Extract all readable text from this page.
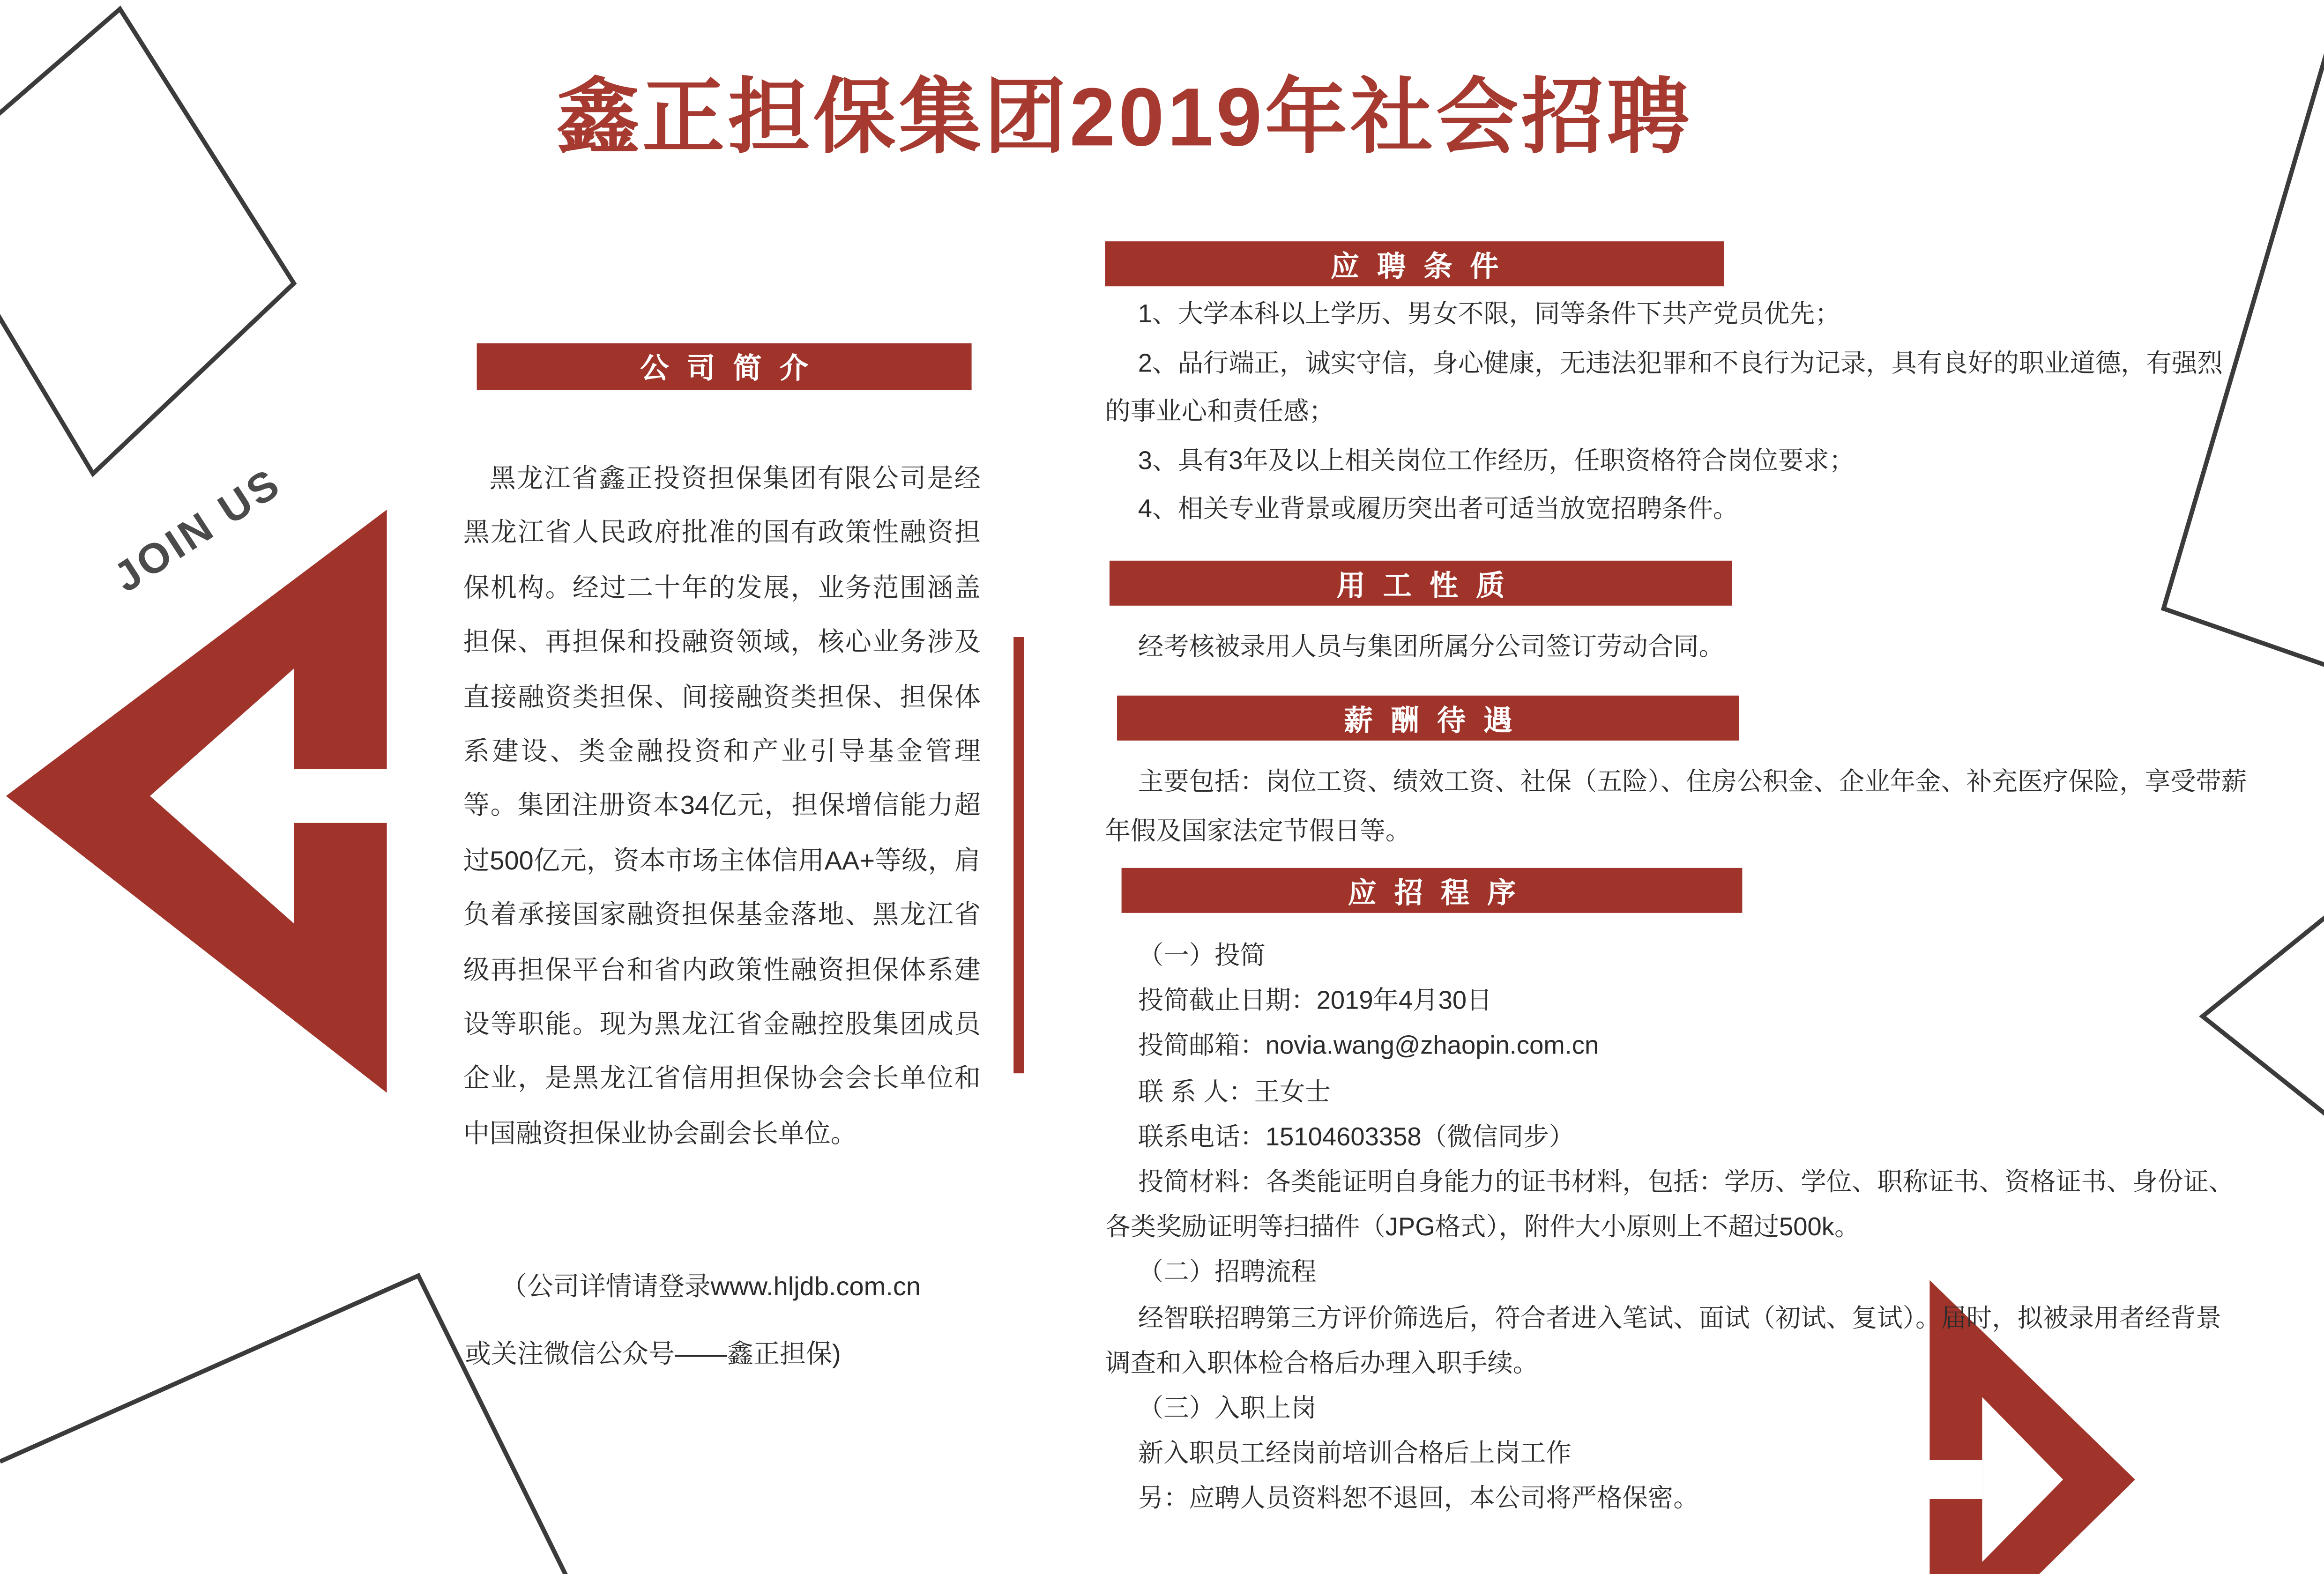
鑫正担保集团2019年社会招聘
JOIN US
公司简介
黑龙江省鑫正投资担保集团有限公司是经黑龙江省人民政府批准的国有政策性融资担保机构。经过二十年的发展，业务范围涵盖担保、再担保和投融资领域，核心业务涉及直接融资类担保、间接融资类担保、担保体系建设、类金融投资和产业引导基金管理等。集团注册资本34亿元，担保增信能力超过500亿元，资本市场主体信用AA+等级，肩负着承接国家融资担保基金落地、黑龙江省级再担保平台和省内政策性融资担保体系建设等职能。现为黑龙江省金融控股集团成员企业，是黑龙江省信用担保协会会长单位和中国融资担保业协会副会长单位。
（公司详情请登录www.hljdb.com.cn
或关注微信公众号——鑫正担保)
应聘条件
1、大学本科以上学历、男女不限，同等条件下共产党员优先；
2、品行端正，诚实守信，身心健康，无违法犯罪和不良行为记录，具有良好的职业道德，有强烈的事业心和责任感；
3、具有3年及以上相关岗位工作经历，任职资格符合岗位要求；
4、相关专业背景或履历突出者可适当放宽招聘条件。
用工性质
经考核被录用人员与集团所属分公司签订劳动合同。
薪酬待遇
主要包括：岗位工资、绩效工资、社保（五险）、住房公积金、企业年金、补充医疗保险，享受带薪年假及国家法定节假日等。
应招程序
（一）投简
投简截止日期：2019年4月30日
投简邮箱：novia.wang@zhaopin.com.cn
联 系 人：王女士
联系电话：15104603358（微信同步）
投简材料：各类能证明自身能力的证书材料，包括：学历、学位、职称证书、资格证书、身份证、各类奖励证明等扫描件（JPG格式），附件大小原则上不超过500k。
（二）招聘流程
经智联招聘第三方评价筛选后，符合者进入笔试、面试（初试、复试）。届时，拟被录用者经背景调查和入职体检合格后办理入职手续。
（三）入职上岗
新入职员工经岗前培训合格后上岗工作
另：应聘人员资料恕不退回，本公司将严格保密。
